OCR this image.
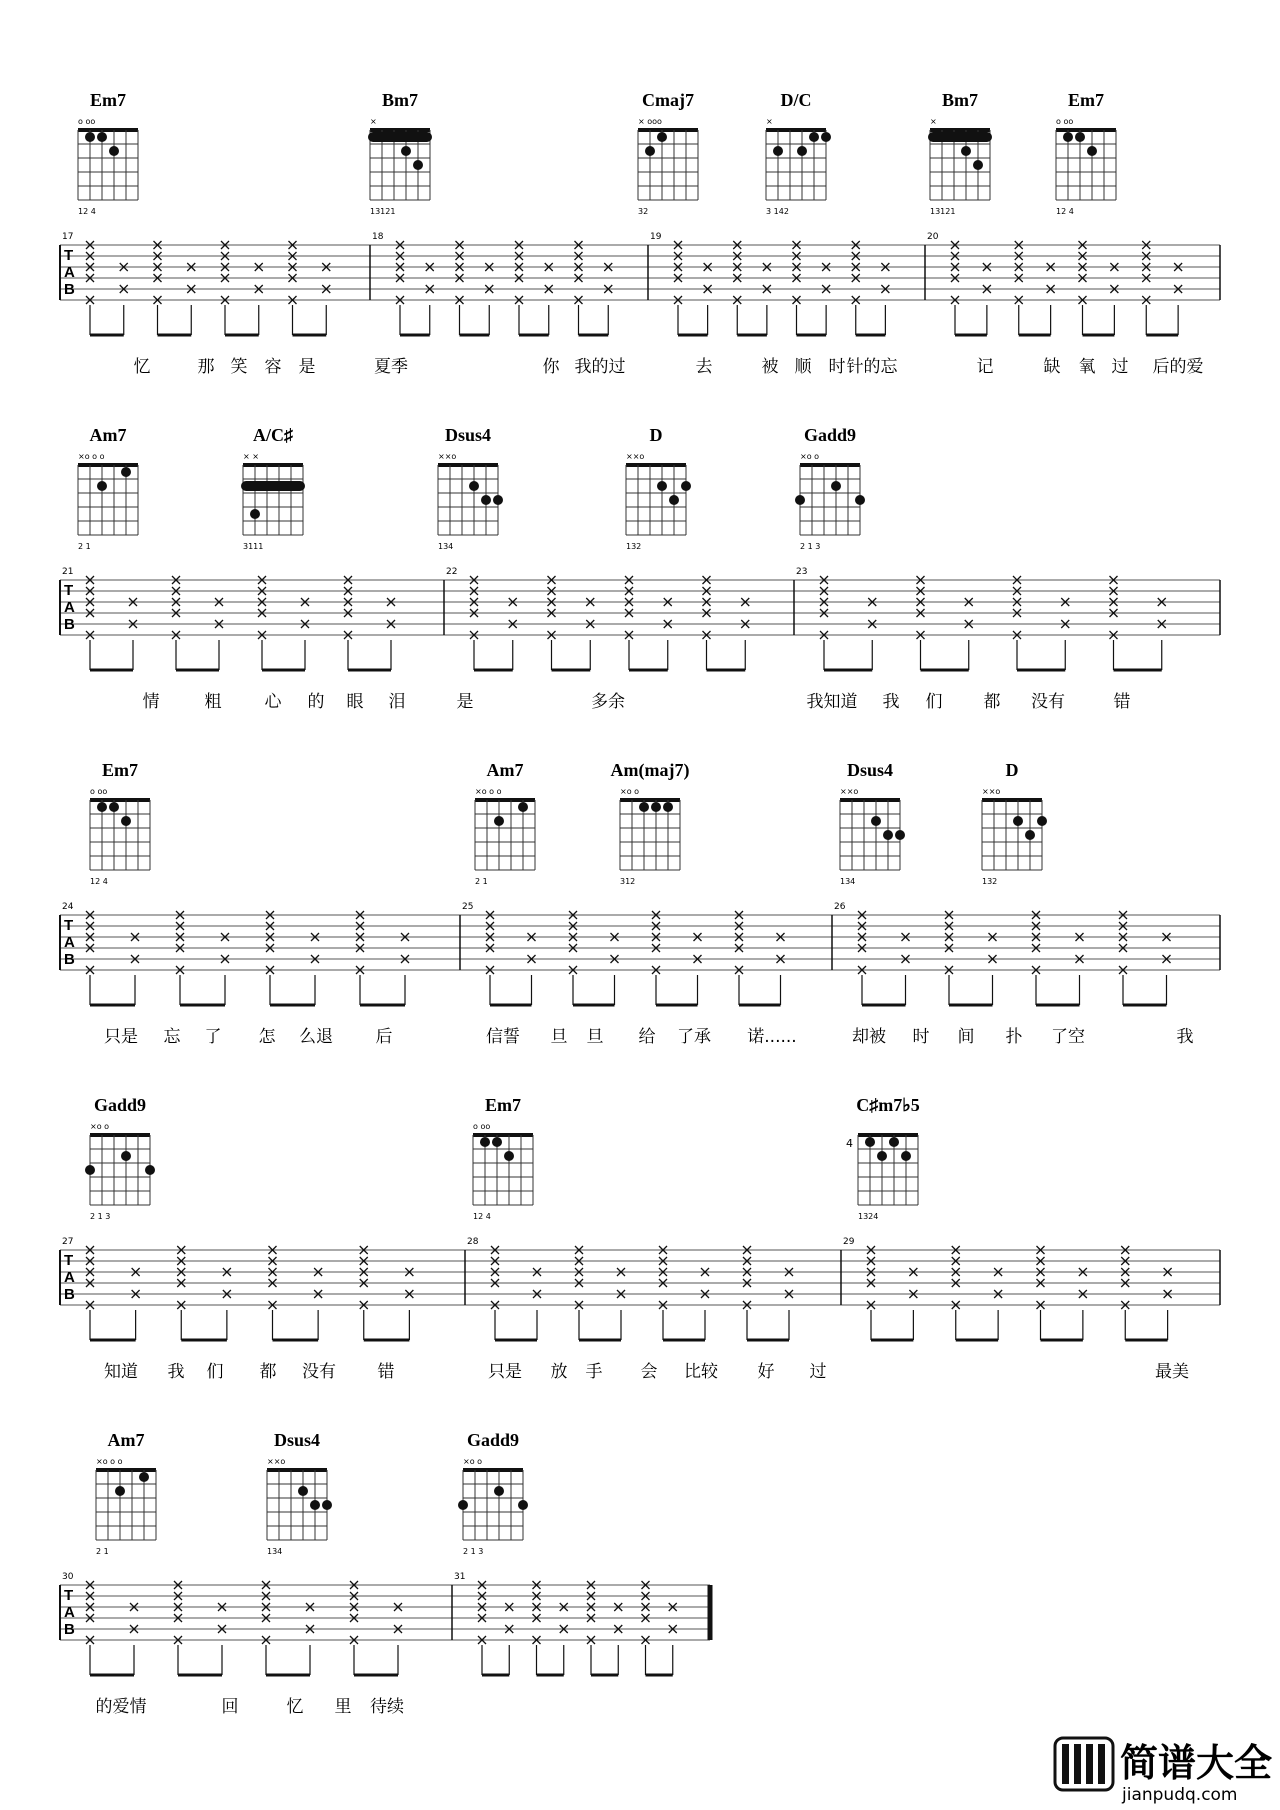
Em7
o oo
12 4
Bm7
×
13121
Cmaj7
× ooo
32
D/C
×
3 142
Bm7
×
13121
Em7
o oo
12 4
T
A
B
17	18	19	20
忆	那 笑 容 是	夏季	你 我的过	去	被 顺 时 针的忘	记	缺 氧 过 后的爱
Am7
×o o o
2 1
A/C♯
× ×
3111
Dsus4
××o
134
D
××o
132
Gadd9
×o o
2 1 3
T
A
B
21	22	23
情	粗	心 的 眼 泪	是	多余	我知道 我 们 都 没有	错
Em7
o oo
12 4
Am7
×o o o
2 1
Am(maj7)
×o o
312
Dsus4
××o
134
D
××o
132
T
A
B
24	25	26
只是 忘 了 怎 么退	后	信誓 旦 旦 给 了承 诺......	却被 时 间 扑 了空	我
Gadd9
×o o
2 1 3
Em7
o oo
12 4
C♯m7♭5
4
1324
T
A
B
27	28	29
知道 我 们 都 没有 错	只是 放 手 会 比较 好 过	最美
Am7
×o o o
2 1
Dsus4
××o
134
Gadd9
×o o
2 1 3
T
A
B
30	31
的爱情	回	忆 里 待续
简谱大全
jianpudq.com
